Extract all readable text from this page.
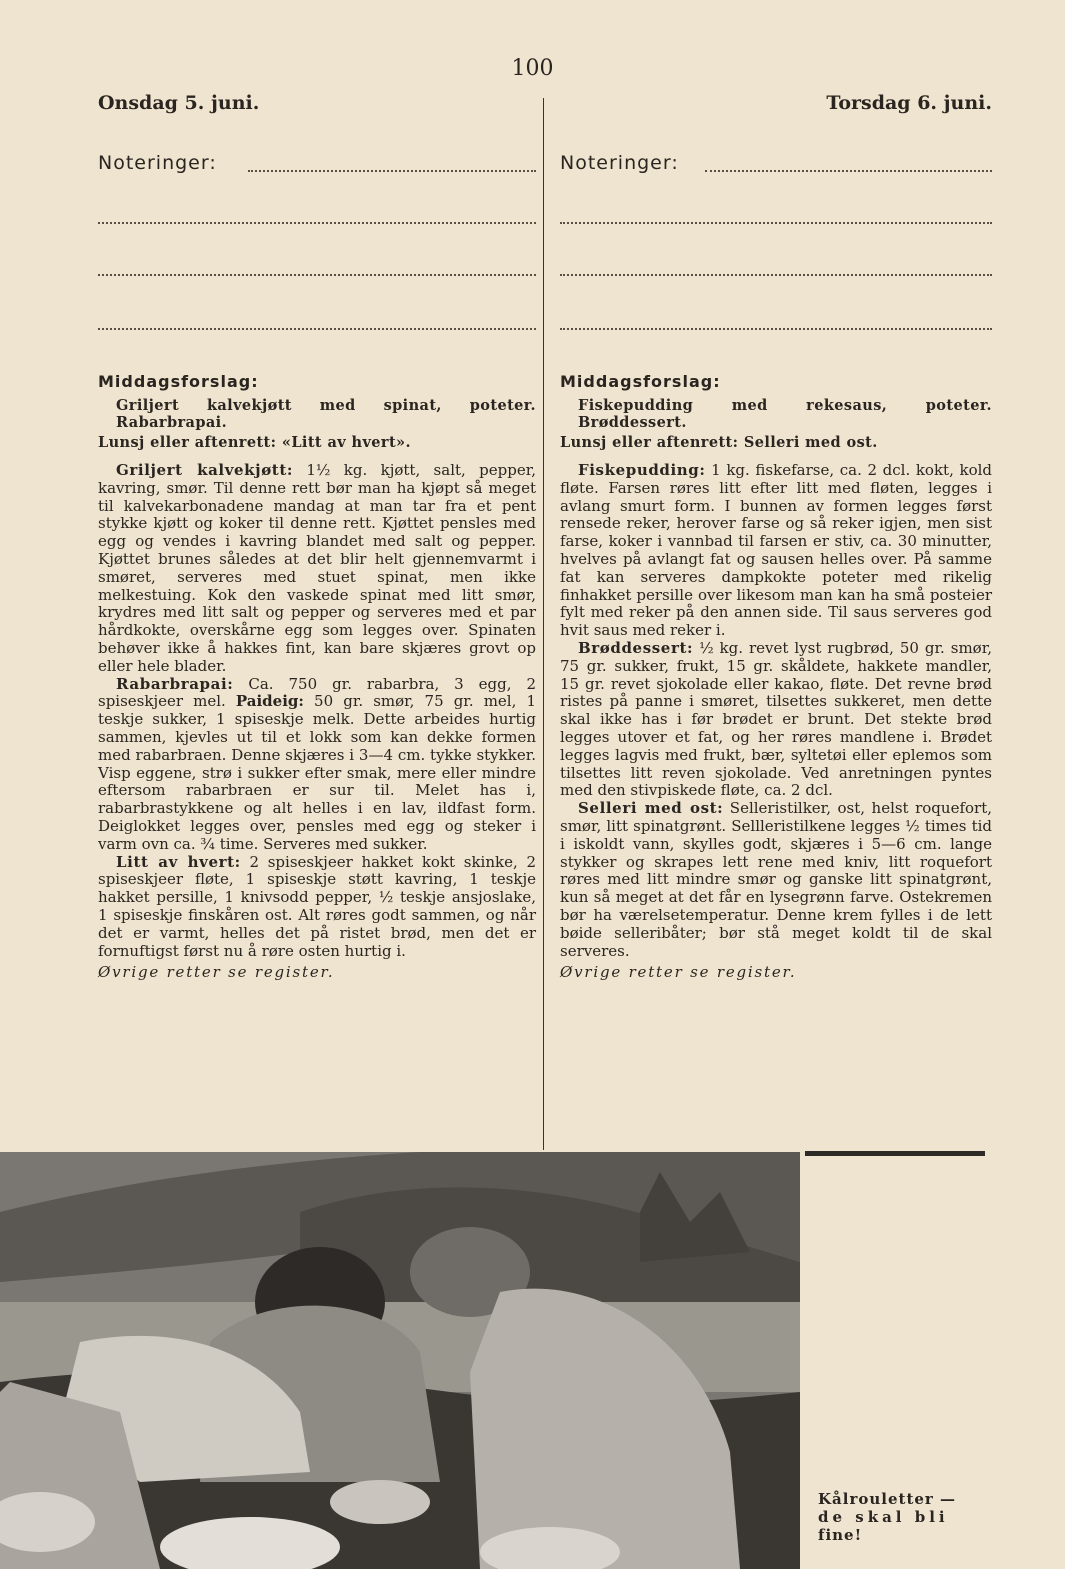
100
Onsdag 5. juni.
Noteringer:
Middagsforslag:
Griljert kalvekjøtt med spinat, poteter.
Rabarbrapai.
Lunsj eller aftenrett: «Litt av hvert».

Griljert kalvekjøtt: 1½ kg. kjøtt, salt, pepper, kavring, smør. Til denne rett bør man ha kjøpt så meget til kalvekarbonadene mandag at man tar fra et pent stykke kjøtt og koker til denne rett. Kjøttet pensles med egg og vendes i kavring blandet med salt og pepper. Kjøttet brunes således at det blir helt gjennemvarmt i smøret, serveres med stuet spinat, men ikke melkestuing. Kok den vaskede spinat med litt smør, krydres med litt salt og pepper og serveres med et par hårdkokte, overskårne egg som legges over. Spinaten behøver ikke å hakkes fint, kan bare skjæres grovt op eller hele blader.

Rabarbrapai: Ca. 750 gr. rabarbra, 3 egg, 2 spiseskjeer mel. Paideig: 50 gr. smør, 75 gr. mel, 1 teskje sukker, 1 spiseskje melk. Dette arbeides hurtig sammen, kjevles ut til et lokk som kan dekke formen med rabarbraen. Denne skjæres i 3—4 cm. tykke stykker. Visp eggene, strø i sukker efter smak, mere eller mindre eftersom rabarbraen er sur til. Melet has i, rabarbrastykkene og alt helles i en lav, ildfast form. Deiglokket legges over, pensles med egg og steker i varm ovn ca. ¾ time. Serveres med sukker.

Litt av hvert: 2 spiseskjeer hakket kokt skinke, 2 spiseskjeer fløte, 1 spiseskje støtt kavring, 1 teskje hakket persille, 1 knivsodd pepper, ½ teskje ansjoslake, 1 spiseskje finskåren ost. Alt røres godt sammen, og når det er varmt, helles det på ristet brød, men det er fornuftigst først nu å røre osten hurtig i.

Øvrige retter se register.
Torsdag 6. juni.
Noteringer:
Middagsforslag:
Fiskepudding	med	rekesaus,	poteter.
Brøddessert.
Lunsj eller aftenrett: Selleri med ost.

Fiskepudding: 1 kg. fiskefarse, ca. 2 dcl. kokt, kold fløte. Farsen røres litt efter litt med fløten, legges i avlang smurt form. I bunnen av formen legges først rensede reker, herover farse og så reker igjen, men sist farse, koker i vannbad til farsen er stiv, ca. 30 minutter, hvelves på avlangt fat og sausen helles over. På samme fat kan serveres dampkokte poteter med rikelig finhakket persille over likesom man kan ha små posteier fylt med reker på den annen side. Til saus serveres god hvit saus med reker i.

Brøddessert: ½ kg. revet lyst rugbrød, 50 gr. smør, 75 gr. sukker, frukt, 15 gr. skåldete, hakkete mandler, 15 gr. revet sjokolade eller kakao, fløte. Det revne brød ristes på panne i smøret, tilsettes sukkeret, men dette skal ikke has i før brødet er brunt. Det stekte brød legges utover et fat, og her røres mandlene i. Brødet legges lagvis med frukt, bær, syltetøi eller eplemos som tilsettes litt reven sjokolade. Ved anretningen pyntes med den stivpiskede fløte, ca. 2 dcl.

Selleri med ost: Selleristilker, ost, helst roquefort, smør, litt spinatgrønt. Sellleristilkene legges ½ times tid i iskoldt vann, skylles godt, skjæres i 5—6 cm. lange stykker og skrapes lett rene med kniv, litt roquefort røres med litt mindre smør og ganske litt spinatgrønt, kun så meget at det får en lysegrønn farve. Ostekremen bør ha værelsetemperatur. Denne krem fylles i de lett bøide selleribåter; bør stå meget koldt til de skal serveres.

Øvrige retter se register.
Kålrouletter —
de skal bli
fine!
